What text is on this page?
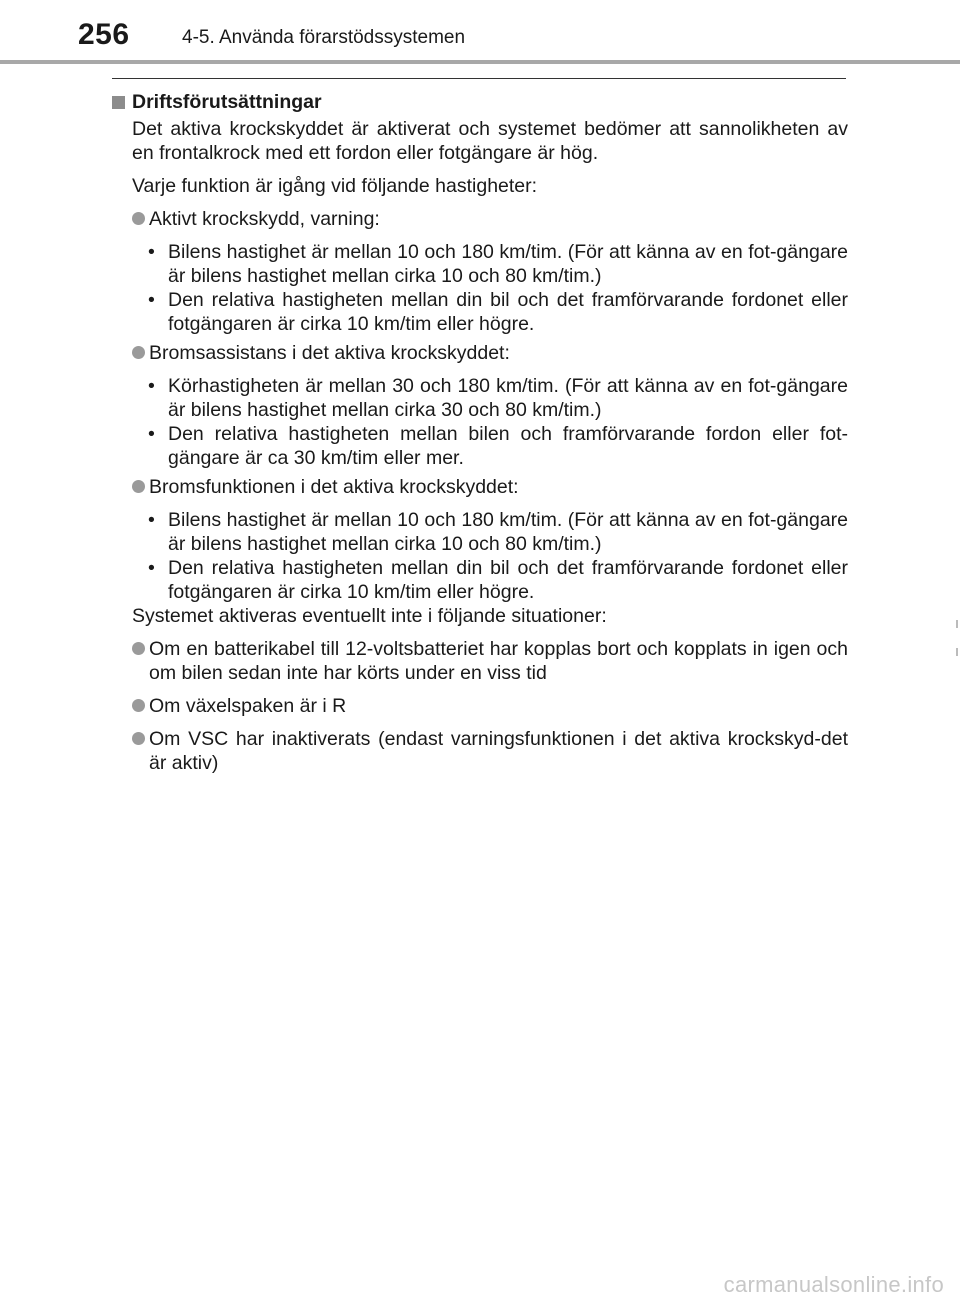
256	4-5. Använda förarstödssystemen
Driftsförutsättningar
Det aktiva krockskyddet är aktiverat och systemet bedömer att sannolikheten av en frontalkrock med ett fordon eller fotgängare är hög.
Varje funktion är igång vid följande hastigheter:
Aktivt krockskydd, varning:
• Bilens hastighet är mellan 10 och 180 km/tim. (För att känna av en fot-gängare är bilens hastighet mellan cirka 10 och 80 km/tim.)
• Den relativa hastigheten mellan din bil och det framförvarande fordonet eller fotgängaren är cirka 10 km/tim eller högre.
Bromsassistans i det aktiva krockskyddet:
• Körhastigheten är mellan 30 och 180 km/tim. (För att känna av en fot-gängare är bilens hastighet mellan cirka 30 och 80 km/tim.)
• Den relativa hastigheten mellan bilen och framförvarande fordon eller fot-gängare är ca 30 km/tim eller mer.
Bromsfunktionen i det aktiva krockskyddet:
• Bilens hastighet är mellan 10 och 180 km/tim. (För att känna av en fot-gängare är bilens hastighet mellan cirka 10 och 80 km/tim.)
• Den relativa hastigheten mellan din bil och det framförvarande fordonet eller fotgängaren är cirka 10 km/tim eller högre.
Systemet aktiveras eventuellt inte i följande situationer:
Om en batterikabel till 12-voltsbatteriet har kopplas bort och kopplats in igen och om bilen sedan inte har körts under en viss tid
Om växelspaken är i R
Om VSC har inaktiverats (endast varningsfunktionen i det aktiva krockskyd-det är aktiv)
carmanualsonline.info
